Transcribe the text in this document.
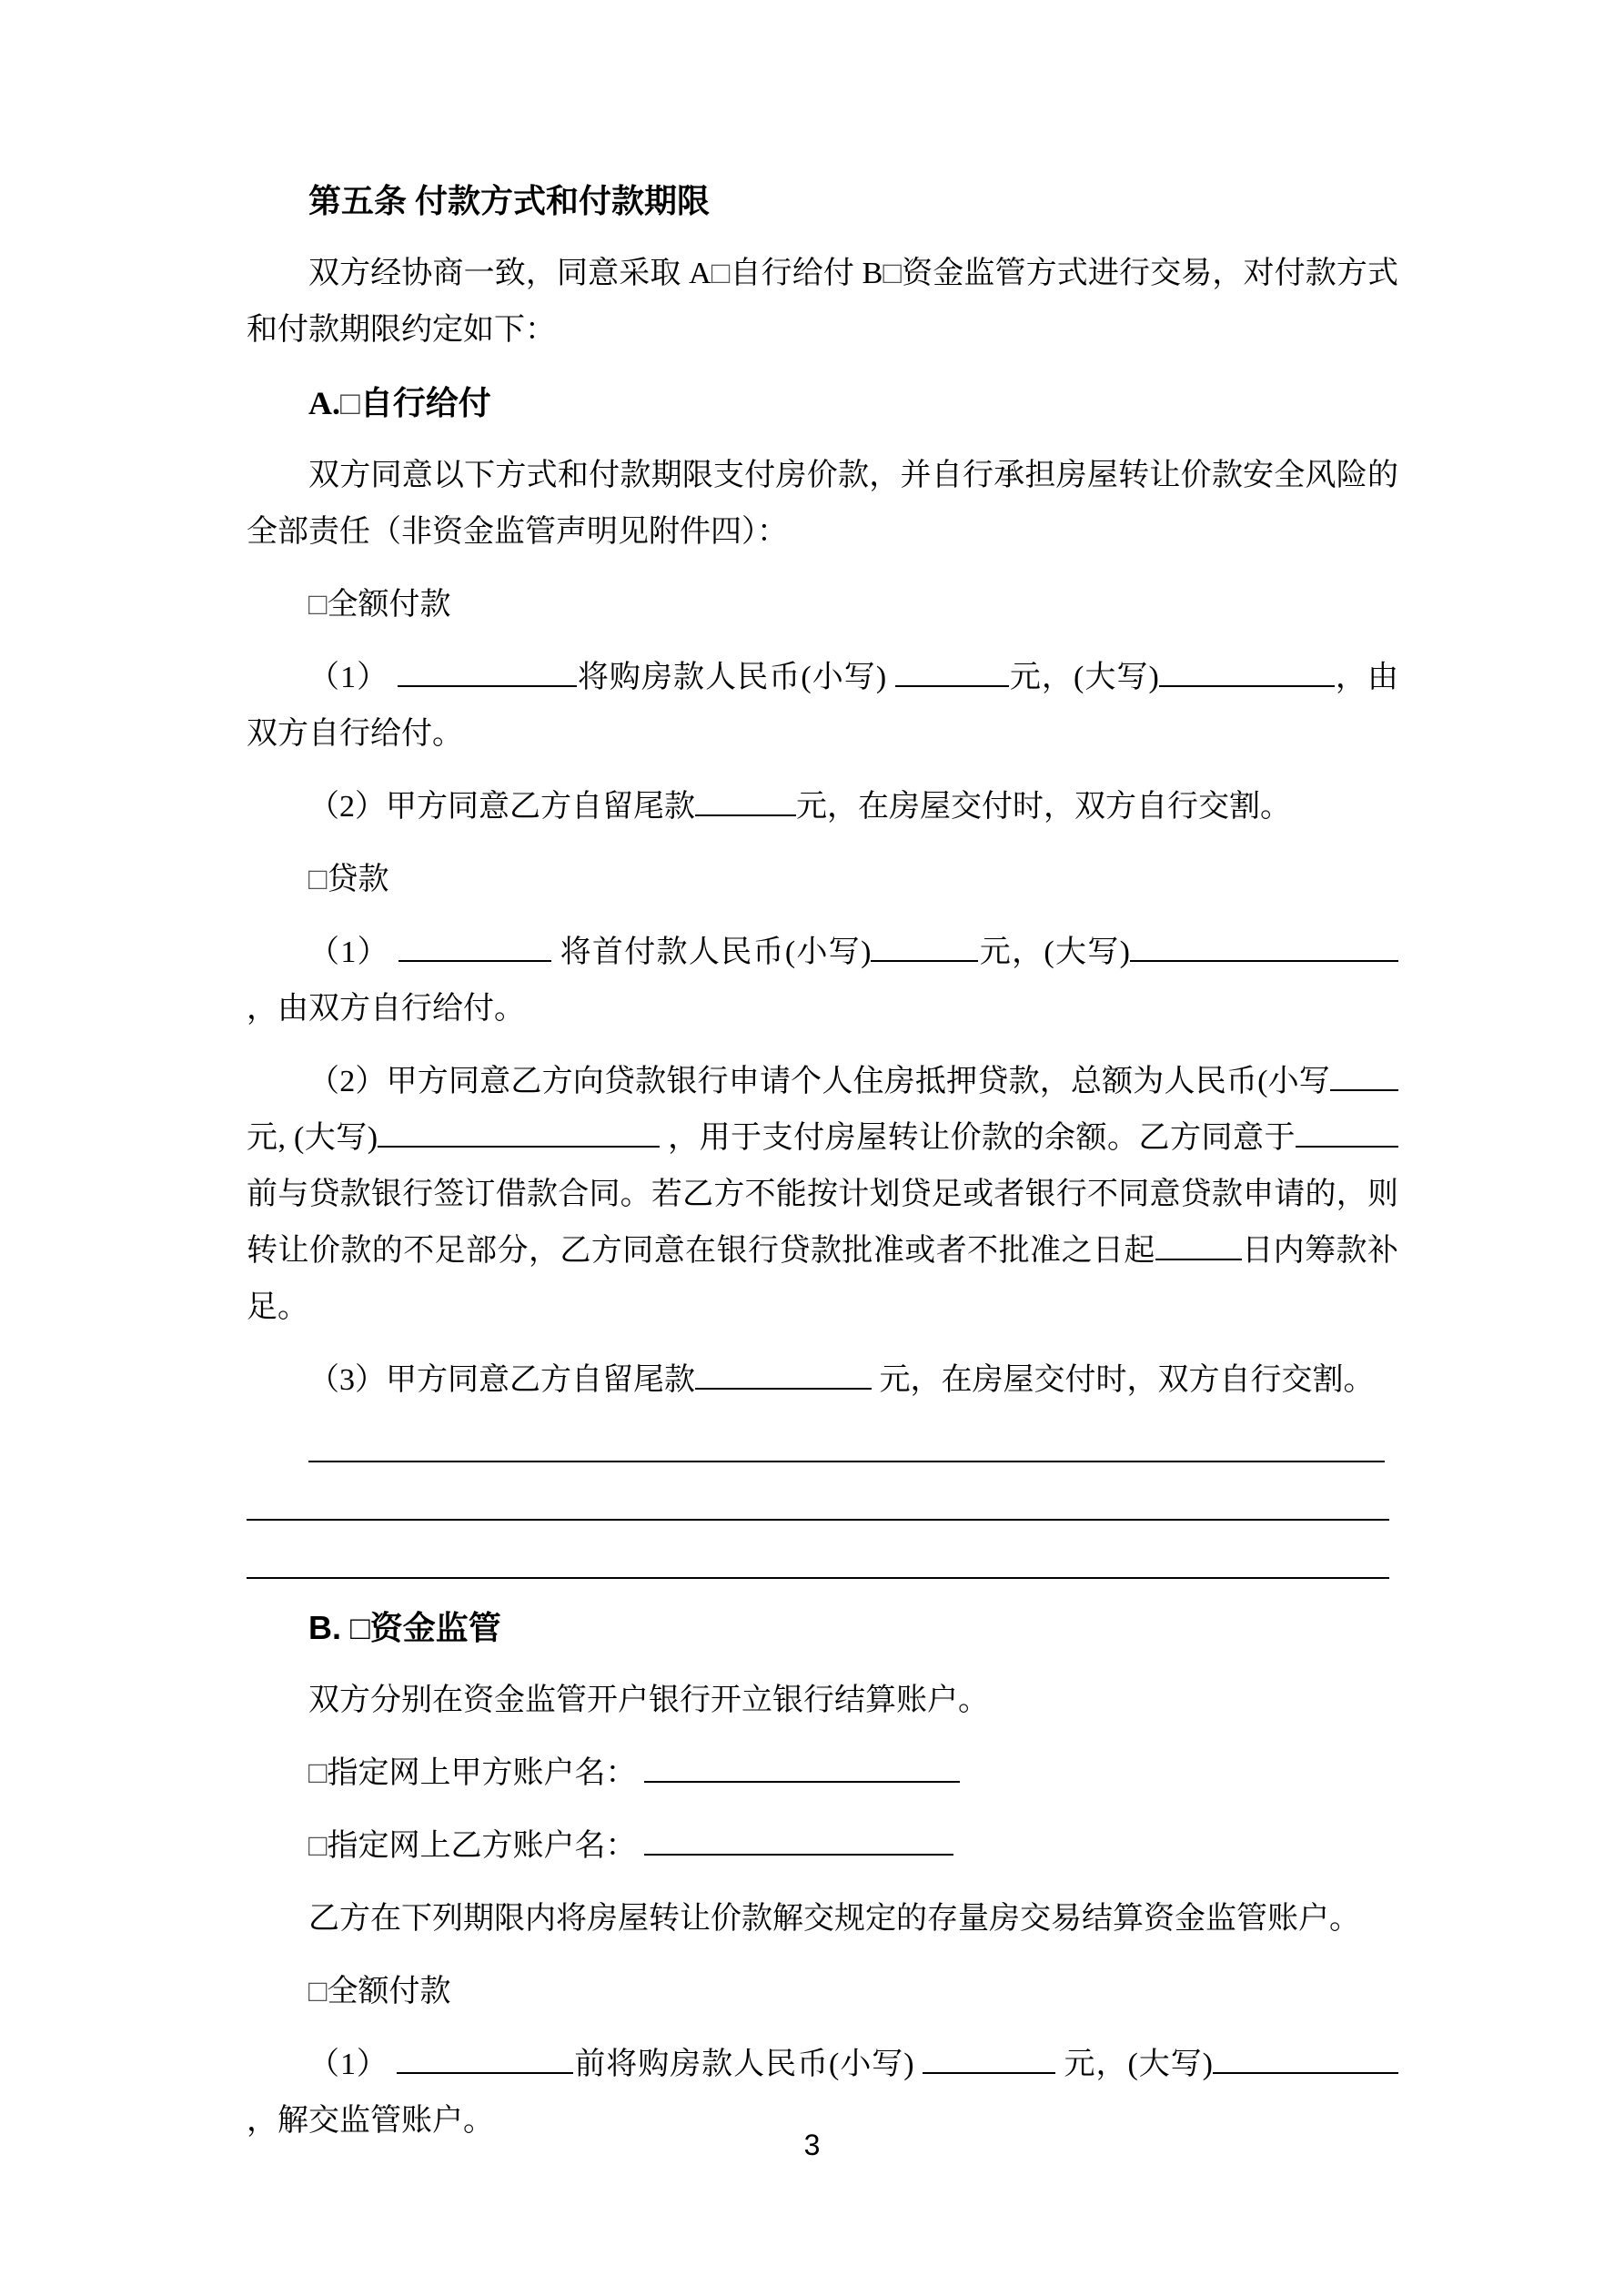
第五条 付款方式和付款期限
双方经协商一致，同意采取 A□自行给付 B□资金监管方式进行交易，对付款方式和付款期限约定如下：
A.□自行给付
双方同意以下方式和付款期限支付房价款，并自行承担房屋转让价款安全风险的全部责任（非资金监管声明见附件四）：
□全额付款
（1）	将购房款人民币(小写)	元，(大写)	，由双方自行给付。
（2）甲方同意乙方自留尾款	元，在房屋交付时，双方自行交割。
□贷款
（1）	将首付款人民币(小写)	元，(大写) ，由双方自行给付。
（2）甲方同意乙方向贷款银行申请个人住房抵押贷款，总额为人民币(小写元, (大写)	，用于支付房屋转让价款的余额。乙方同意于前与贷款银行签订借款合同。若乙方不能按计划贷足或者银行不同意贷款申请的，则转让价款的不足部分，乙方同意在银行贷款批准或者不批准之日起	日内筹款补足。
（3）甲方同意乙方自留尾款	元，在房屋交付时，双方自行交割。
B. □资金监管
双方分别在资金监管开户银行开立银行结算账户。
□指定网上甲方账户名：
□指定网上乙方账户名：
乙方在下列期限内将房屋转让价款解交规定的存量房交易结算资金监管账户。
□全额付款
（1）	前将购房款人民币(小写)	元，(大写) ，解交监管账户。
3
